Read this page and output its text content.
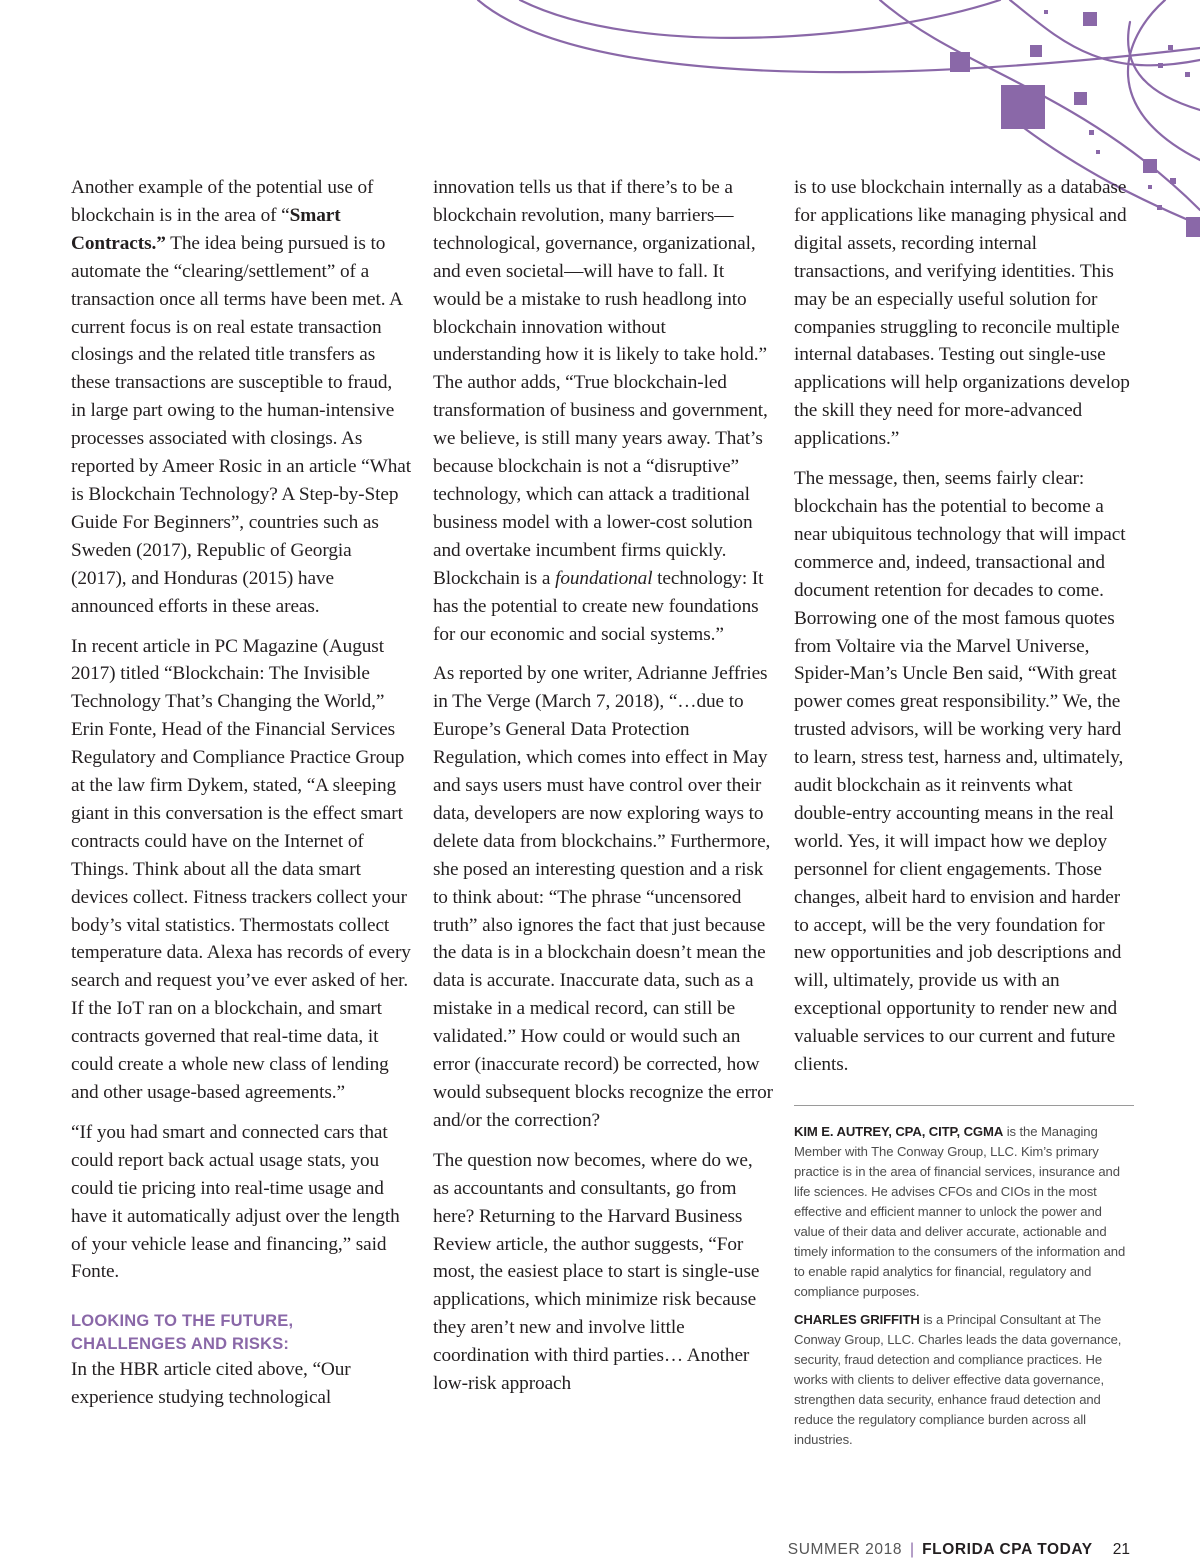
Another example of the potential use of blockchain is in the area of “Smart Contracts.” The idea being pursued is to automate the “clearing/settlement” of a transaction once all terms have been met. A current focus is on real estate transaction closings and the related title transfers as these transactions are susceptible to fraud, in large part owing to the human-intensive processes associated with closings. As reported by Ameer Rosic in an article “What is Blockchain Technology? A Step-by-Step Guide For Beginners”, countries such as Sweden (2017), Republic of Georgia (2017), and Honduras (2015) have announced efforts in these areas.

In recent article in PC Magazine (August 2017) titled “Blockchain: The Invisible Technology That’s Changing the World,” Erin Fonte, Head of the Financial Services Regulatory and Compliance Practice Group at the law firm Dykem, stated, “A sleeping giant in this conversation is the effect smart contracts could have on the Internet of Things. Think about all the data smart devices collect. Fitness trackers collect your body’s vital statistics. Thermostats collect temperature data. Alexa has records of every search and request you’ve ever asked of her. If the IoT ran on a blockchain, and smart contracts governed that real-time data, it could create a whole new class of lending and other usage-based agreements.”

“If you had smart and connected cars that could report back actual usage stats, you could tie pricing into real-time usage and have it automatically adjust over the length of your vehicle lease and financing,” said Fonte.

LOOKING TO THE FUTURE, CHALLENGES AND RISKS:

In the HBR article cited above, “Our experience studying technological

innovation tells us that if there’s to be a blockchain revolution, many barriers—technological, governance, organizational, and even societal—will have to fall. It would be a mistake to rush headlong into blockchain innovation without understanding how it is likely to take hold.” The author adds, “True blockchain-led transformation of business and government, we believe, is still many years away. That’s because blockchain is not a “disruptive” technology, which can attack a traditional business model with a lower-cost solution and overtake incumbent firms quickly. Blockchain is a foundational technology: It has the potential to create new foundations for our economic and social systems.”

As reported by one writer, Adrianne Jeffries in The Verge (March 7, 2018), “…due to Europe’s General Data Protection Regulation, which comes into effect in May and says users must have control over their data, developers are now exploring ways to delete data from blockchains.” Furthermore, she posed an interesting question and a risk to think about: “The phrase “uncensored truth” also ignores the fact that just because the data is in a blockchain doesn’t mean the data is accurate. Inaccurate data, such as a mistake in a medical record, can still be validated.” How could or would such an error (inaccurate record) be corrected, how would subsequent blocks recognize the error and/or the correction?

The question now becomes, where do we, as accountants and consultants, go from here? Returning to the Harvard Business Review article, the author suggests, “For most, the easiest place to start is single-use applications, which minimize risk because they aren’t new and involve little coordination with third parties… Another low-risk approach

is to use blockchain internally as a database for applications like managing physical and digital assets, recording internal transactions, and verifying identities. This may be an especially useful solution for companies struggling to reconcile multiple internal databases. Testing out single-use applications will help organizations develop the skill they need for more-advanced applications.”

The message, then, seems fairly clear: blockchain has the potential to become a near ubiquitous technology that will impact commerce and, indeed, transactional and document retention for decades to come. Borrowing one of the most famous quotes from Voltaire via the Marvel Universe, Spider-Man’s Uncle Ben said, “With great power comes great responsibility.” We, the trusted advisors, will be working very hard to learn, stress test, harness and, ultimately, audit blockchain as it reinvents what double-entry accounting means in the real world. Yes, it will impact how we deploy personnel for client engagements. Those changes, albeit hard to envision and harder to accept, will be the very foundation for new opportunities and job descriptions and will, ultimately, provide us with an exceptional opportunity to render new and valuable services to our current and future clients.

KIM E. AUTREY, CPA, CITP, CGMA is the Managing Member with The Conway Group, LLC. Kim’s primary practice is in the area of financial services, insurance and life sciences. He advises CFOs and CIOs in the most effective and efficient manner to unlock the power and value of their data and deliver accurate, actionable and timely information to the consumers of the information and to enable rapid analytics for financial, regulatory and compliance purposes.
CHARLES GRIFFITH is a Principal Consultant at The Conway Group, LLC. Charles leads the data governance, security, fraud detection and compliance practices. He works with clients to deliver effective data governance, strengthen data security, enhance fraud detection and reduce the regulatory compliance burden across all industries.
SUMMER 2018 | FLORIDA CPA TODAY 21
